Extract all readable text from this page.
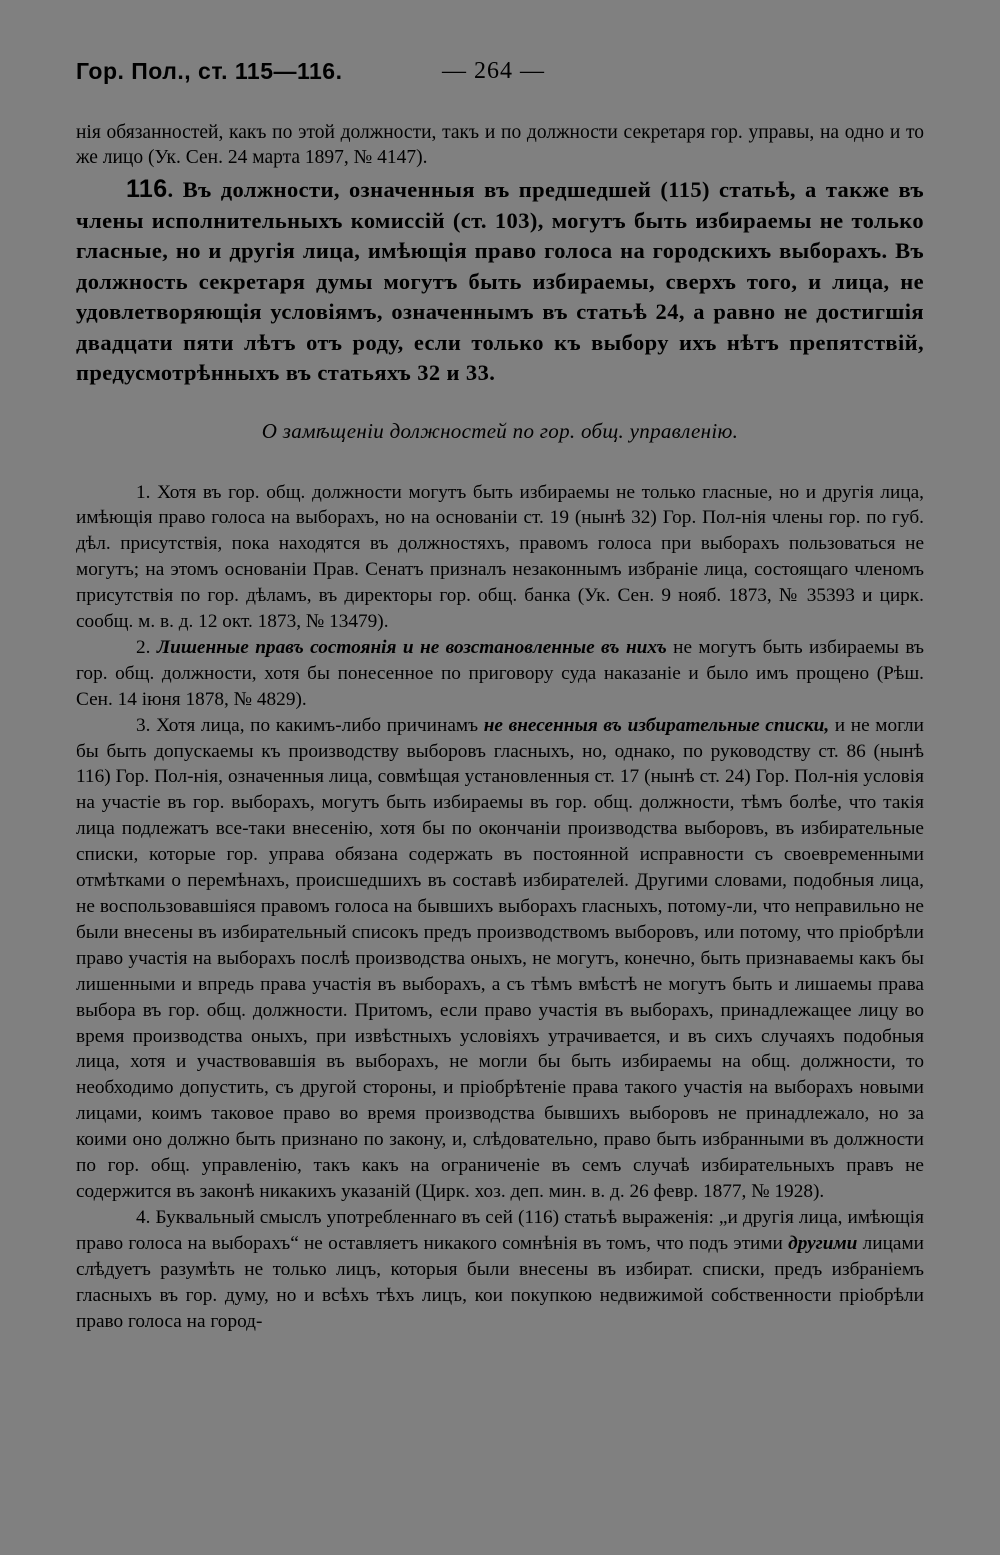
Гор. Пол., ст. 115—116.	— 264 —

нія обязанностей, какъ по этой должности, такъ и по должности секретаря гор. управы, на одно и то же лицо (Ук. Сен. 24 марта 1897, № 4147).

116. Въ должности, означенныя въ предшедшей (115) статьѣ, а также въ члены исполнительныхъ комиссій (ст. 103), могутъ быть избираемы не только гласные, но и другія лица, имѣющія право голоса на городскихъ выборахъ. Въ должность секретаря думы могутъ быть избираемы, сверхъ того, и лица, не удовлетворяющія условіямъ, означеннымъ въ статьѣ 24, а равно не достигшія двадцати пяти лѣтъ отъ роду, если только къ выбору ихъ нѣтъ препятствій, предусмотрѣнныхъ въ статьяхъ 32 и 33.

О замѣщеніи должностей по гор. общ. управленію.

1. Хотя въ гор. общ. должности могутъ быть избираемы не только гласные, но и другія лица, имѣющія право голоса на выборахъ, но на основаніи ст. 19 (нынѣ 32) Гор. Пол-нія члены гор. по губ. дѣл. присутствія, пока находятся въ должностяхъ, правомъ голоса при выборахъ пользоваться не могутъ; на этомъ основаніи Прав. Сенатъ призналъ незаконнымъ избраніе лица, состоящаго членомъ присутствія по гор. дѣламъ, въ директоры гор. общ. банка (Ук. Сен. 9 нояб. 1873, № 35393 и цирк. сообщ. м. в. д. 12 окт. 1873, № 13479).

2. Лишенные правъ состоянія и не возстановленные въ нихъ не могутъ быть избираемы въ гор. общ. должности, хотя бы понесенное по приговору суда наказаніе и было имъ прощено (Рѣш. Сен. 14 іюня 1878, № 4829).

3. Хотя лица, по какимъ-либо причинамъ не внесенныя въ избирательные списки, и не могли бы быть допускаемы къ производству выборовъ гласныхъ, но, однако, по руководству ст. 86 (нынѣ 116) Гор. Пол-нія, означенныя лица, совмѣщая установленныя ст. 17 (нынѣ ст. 24) Гор. Пол-нія условія на участіе въ гор. выборахъ, могутъ быть избираемы въ гор. общ. должности, тѣмъ болѣе, что такія лица подлежатъ все-таки внесенію, хотя бы по окончаніи производства выборовъ, въ избирательные списки, которые гор. управа обязана содержать въ постоянной исправности съ своевременными отмѣтками о перемѣнахъ, происшедшихъ въ составѣ избирателей. Другими словами, подобныя лица, не воспользовавшіяся правомъ голоса на бывшихъ выборахъ гласныхъ, потому-ли, что неправильно не были внесены въ избирательный списокъ предъ производствомъ выборовъ, или потому, что пріобрѣли право участія на выборахъ послѣ производства оныхъ, не могутъ, конечно, быть признаваемы какъ бы лишенными и впредь права участія въ выборахъ, а съ тѣмъ вмѣстѣ не могутъ быть и лишаемы права выбора въ гор. общ. должности. Притомъ, если право участія въ выборахъ, принадлежащее лицу во время производства оныхъ, при извѣстныхъ условіяхъ утрачивается, и въ сихъ случаяхъ подобныя лица, хотя и участвовавшія въ выборахъ, не могли бы быть избираемы на общ. должности, то необходимо допустить, съ другой стороны, и пріобрѣтеніе права такого участія на выборахъ новыми лицами, коимъ таковое право во время производства бывшихъ выборовъ не принадлежало, но за коими оно должно быть признано по закону, и, слѣдовательно, право быть избранными въ должности по гор. общ. управленію, такъ какъ на ограниченіе въ семъ случаѣ избирательныхъ правъ не содержится въ законѣ никакихъ указаній (Цирк. хоз. деп. мин. в. д. 26 февр. 1877, № 1928).

4. Буквальный смыслъ употребленнаго въ сей (116) статьѣ выраженія: „и другія лица, имѣющія право голоса на выборахъ“ не оставляетъ никакого сомнѣнія въ томъ, что подъ этими другими лицами слѣдуетъ разумѣть не только лицъ, которыя были внесены въ избират. списки, предъ избраніемъ гласныхъ въ гор. думу, но и всѣхъ тѣхъ лицъ, кои покупкою недвижимой собственности пріобрѣли право голоса на город-
